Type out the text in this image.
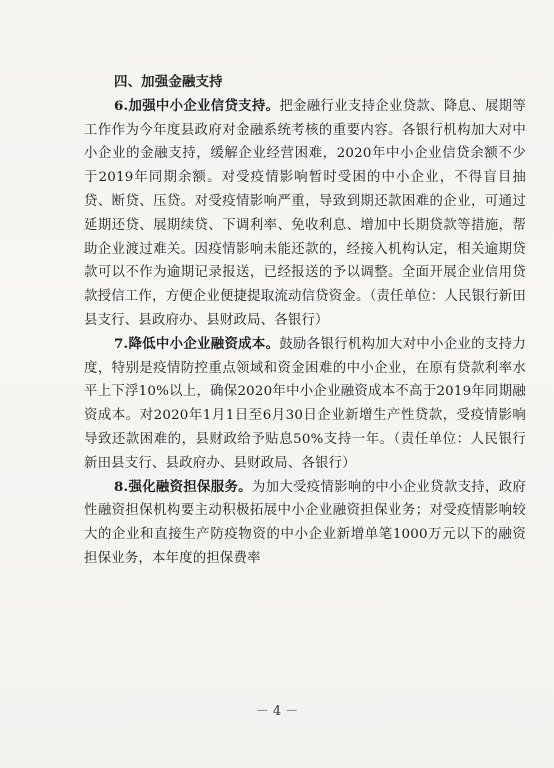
四、加强金融支持
6.加强中小企业信贷支持。把金融行业支持企业贷款、降息、展期等工作作为今年度县政府对金融系统考核的重要内容。各银行机构加大对中小企业的金融支持，缓解企业经营困难，2020年中小企业信贷余额不少于2019年同期余额。对受疫情影响暂时受困的中小企业，不得盲目抽贷、断贷、压贷。对受疫情影响严重，导致到期还款困难的企业，可通过延期还贷、展期续贷、下调利率、免收利息、增加中长期贷款等措施，帮助企业渡过难关。因疫情影响未能还款的，经接入机构认定，相关逾期贷款可以不作为逾期记录报送，已经报送的予以调整。全面开展企业信用贷款授信工作，方便企业便捷提取流动信贷资金。（责任单位：人民银行新田县支行、县政府办、县财政局、各银行）
7.降低中小企业融资成本。鼓励各银行机构加大对中小企业的支持力度，特别是疫情防控重点领域和资金困难的中小企业，在原有贷款利率水平上下浮10%以上，确保2020年中小企业融资成本不高于2019年同期融资成本。对2020年1月1日至6月30日企业新增生产性贷款，受疫情影响导致还款困难的，县财政给予贴息50%支持一年。（责任单位：人民银行新田县支行、县政府办、县财政局、各银行）
8.强化融资担保服务。为加大受疫情影响的中小企业贷款支持，政府性融资担保机构要主动积极拓展中小企业融资担保业务；对受疫情影响较大的企业和直接生产防疫物资的中小企业新增单笔1000万元以下的融资担保业务，本年度的担保费率
－ 4 －
